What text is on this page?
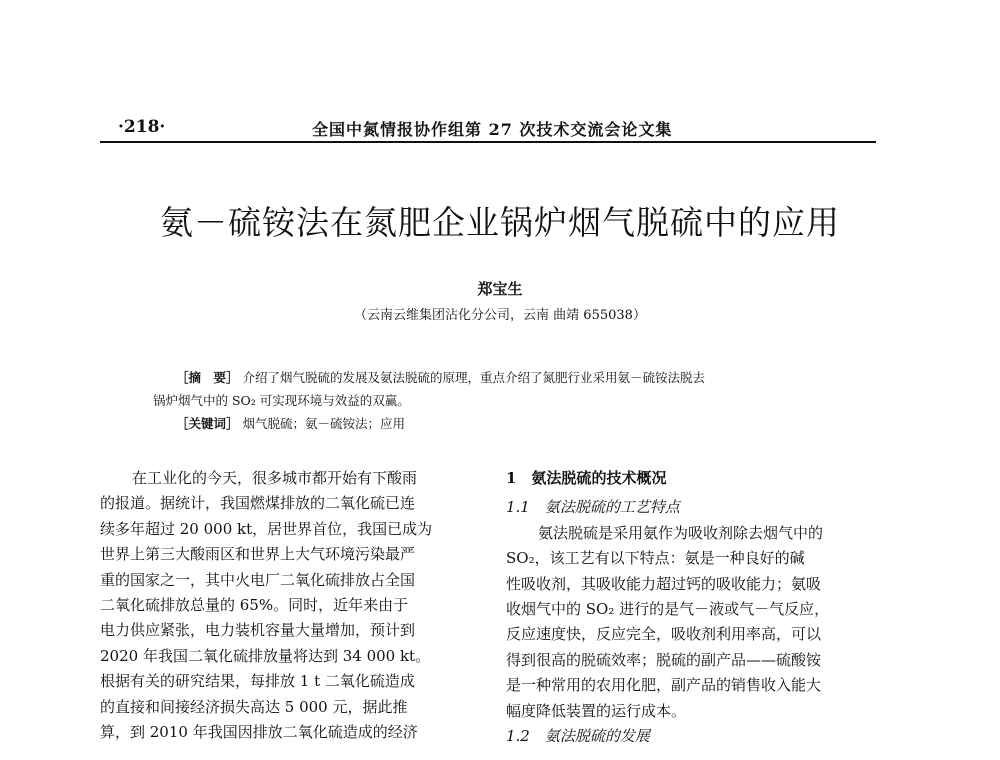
·218·	全国中氮情报协作组第 27 次技术交流会论文集
氨－硫铵法在氮肥企业锅炉烟气脱硫中的应用
郑宝生
（云南云维集团沾化分公司，云南 曲靖 655038）
［摘　要］ 介绍了烟气脱硫的发展及氨法脱硫的原理，重点介绍了氮肥行业采用氨－硫铵法脱去
锅炉烟气中的 SO₂ 可实现环境与效益的双赢。
［关键词］ 烟气脱硫；氨－硫铵法；应用
在工业化的今天，很多城市都开始有下酸雨
的报道。据统计，我国燃煤排放的二氧化硫已连
续多年超过 20 000 kt，居世界首位，我国已成为
世界上第三大酸雨区和世界上大气环境污染最严
重的国家之一，其中火电厂二氧化硫排放占全国
二氧化硫排放总量的 65%。同时，近年来由于
电力供应紧张，电力装机容量大量增加，预计到
2020 年我国二氧化硫排放量将达到 34 000 kt。
根据有关的研究结果，每排放 1 t 二氧化硫造成
的直接和间接经济损失高达 5 000 元，据此推
算，到 2010 年我国因排放二氧化硫造成的经济
1　氨法脱硫的技术概况
1.1　氨法脱硫的工艺特点
氨法脱硫是采用氨作为吸收剂除去烟气中的
SO₂，该工艺有以下特点：氨是一种良好的碱
性吸收剂，其吸收能力超过钙的吸收能力；氨吸
收烟气中的 SO₂ 进行的是气－液或气－气反应，
反应速度快，反应完全，吸收剂利用率高，可以
得到很高的脱硫效率；脱硫的副产品——硫酸铵
是一种常用的农用化肥，副产品的销售收入能大
幅度降低装置的运行成本。
1.2　氨法脱硫的发展
